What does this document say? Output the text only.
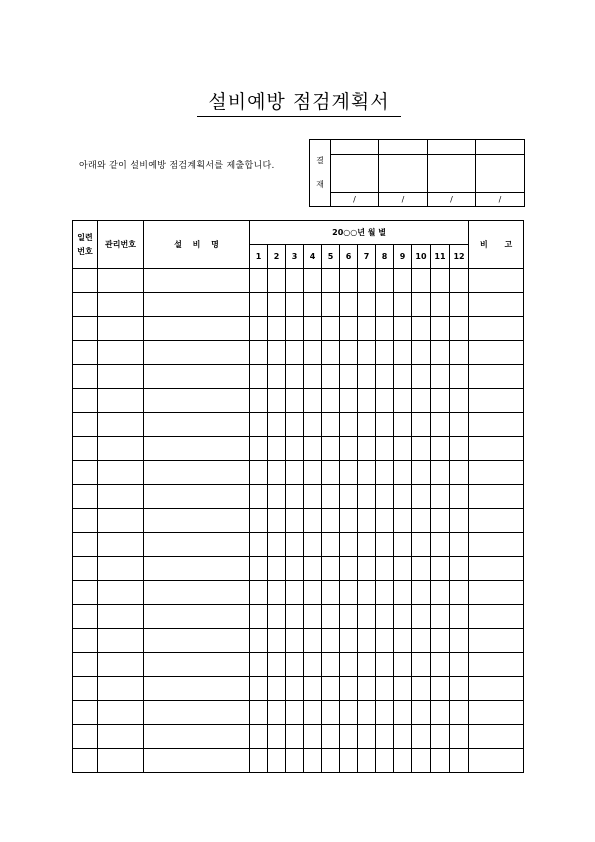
설비예방 점검계획서
아래와 같이 설비예방 점검계획서를 제출합니다.
결
재				

	/	/	/	/
일련
번호	관리번호	설 비 명	20○○년 월 별												비 고
			1	2	3	4	5	6	7	8	9	10	11	12	
